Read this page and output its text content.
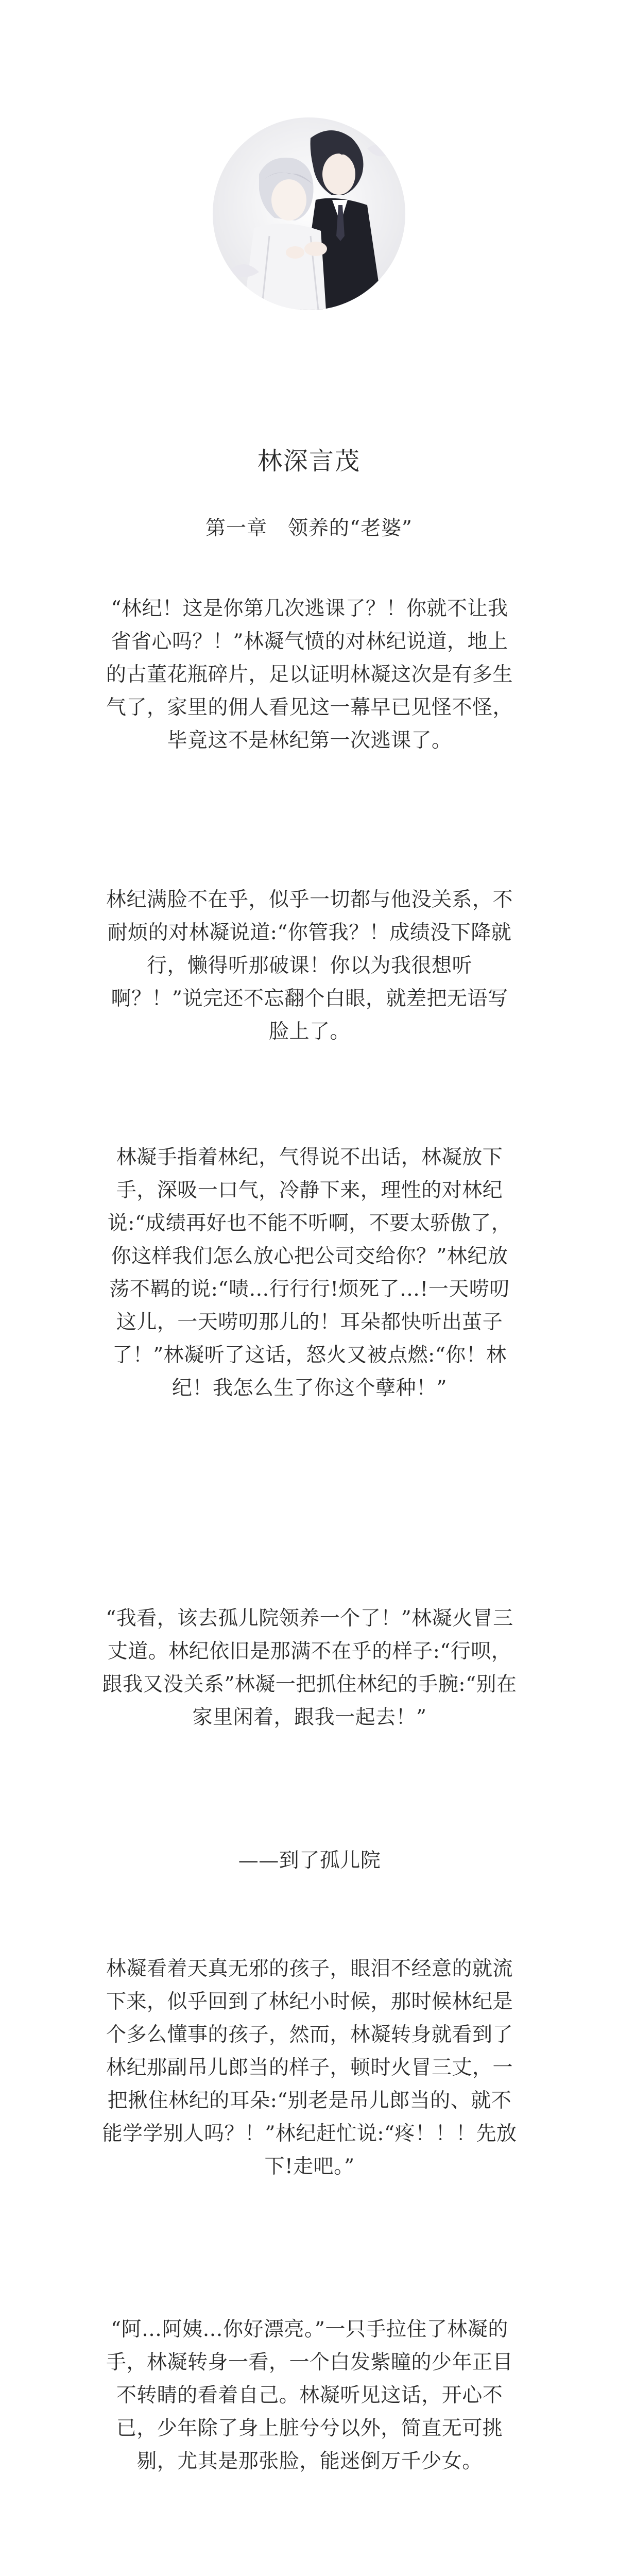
林深言茂
第一章　领养的“老婆”
“林纪！这是你第几次逃课了？！你就不让我省省心吗？！”林凝气愤的对林纪说道，地上的古董花瓶碎片，足以证明林凝这次是有多生气了，家里的佣人看见这一幕早已见怪不怪，毕竟这不是林纪第一次逃课了。
林纪满脸不在乎，似乎一切都与他没关系，不耐烦的对林凝说道:“你管我？！成绩没下降就行，懒得听那破课！你以为我很想听啊？！”说完还不忘翻个白眼，就差把无语写脸上了。
林凝手指着林纪，气得说不出话，林凝放下手，深吸一口气，冷静下来，理性的对林纪说:“成绩再好也不能不听啊，不要太骄傲了，你这样我们怎么放心把公司交给你？”林纪放荡不羁的说:“啧…行行行!烦死了…!一天唠叨这儿，一天唠叨那儿的！耳朵都快听出茧子了！”林凝听了这话，怒火又被点燃:“你！林纪！我怎么生了你这个孽种！”
“我看，该去孤儿院领养一个了！”林凝火冒三丈道。林纪依旧是那满不在乎的样子:“行呗，跟我又没关系”林凝一把抓住林纪的手腕:“别在家里闲着，跟我一起去！”
——到了孤儿院
林凝看着天真无邪的孩子，眼泪不经意的就流下来，似乎回到了林纪小时候，那时候林纪是个多么懂事的孩子，然而，林凝转身就看到了林纪那副吊儿郎当的样子，顿时火冒三丈，一把揪住林纪的耳朵:“别老是吊儿郎当的、就不能学学别人吗？！”林纪赶忙说:“疼！！！先放下!走吧。”
“阿…阿姨…你好漂亮。”一只手拉住了林凝的手，林凝转身一看，一个白发紫瞳的少年正目不转睛的看着自己。林凝听见这话，开心不已，少年除了身上脏兮兮以外，简直无可挑剔，尤其是那张脸，能迷倒万千少女。
